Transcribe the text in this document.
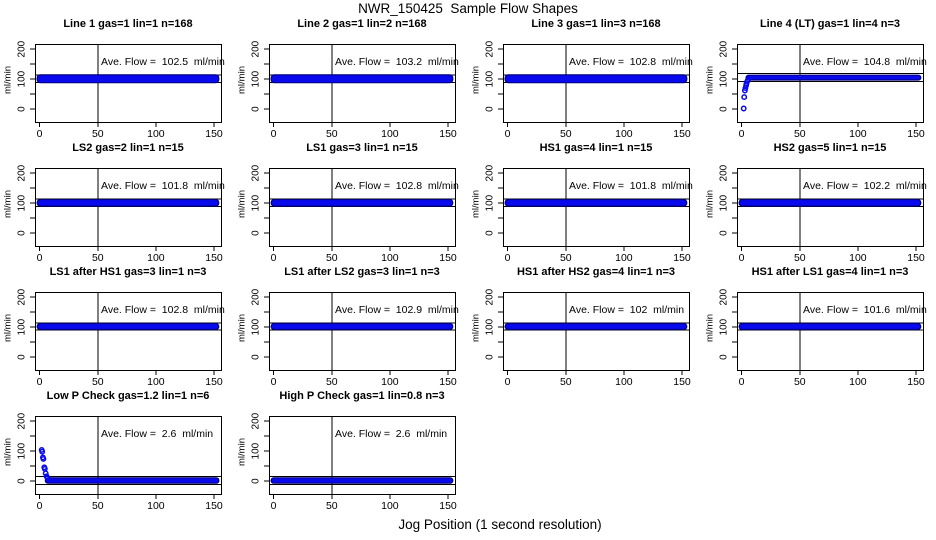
NWR_150425  Sample Flow Shapes
Line 1 gas=1 lin=1 n=168
0
100
200
ml/min
0	50	100	150
Ave. Flow =  102.5  ml/min
Line 2 gas=1 lin=2 n=168
0
100
200
ml/min
0	50	100	150
Ave. Flow =  103.2  ml/min
Line 3 gas=1 lin=3 n=168
0
100
200
ml/min
0	50	100	150
Ave. Flow =  102.8  ml/min
Line 4 (LT) gas=1 lin=4 n=3
0
100
200
ml/min
0	50	100	150
Ave. Flow =  104.8  ml/min
LS2 gas=2 lin=1 n=15
0
100
200
ml/min
0	50	100	150
Ave. Flow =  101.8  ml/min
LS1 gas=3 lin=1 n=15
0
100
200
ml/min
0	50	100	150
Ave. Flow =  102.8  ml/min
HS1 gas=4 lin=1 n=15
0
100
200
ml/min
0	50	100	150
Ave. Flow =  101.8  ml/min
HS2 gas=5 lin=1 n=15
0
100
200
ml/min
0	50	100	150
Ave. Flow =  102.2  ml/min
LS1 after HS1 gas=3 lin=1 n=3
0
100
200
ml/min
0	50	100	150
Ave. Flow =  102.8  ml/min
LS1 after LS2 gas=3 lin=1 n=3
0
100
200
ml/min
0	50	100	150
Ave. Flow =  102.9  ml/min
HS1 after HS2 gas=4 lin=1 n=3
0
100
200
ml/min
0	50	100	150
Ave. Flow =  102  ml/min
HS1 after LS1 gas=4 lin=1 n=3
0
100
200
ml/min
0	50	100	150
Ave. Flow =  101.6  ml/min
Low P Check gas=1.2 lin=1 n=6
0
100
200
ml/min
0	50	100	150
Ave. Flow =  2.6  ml/min
High P Check gas=1 lin=0.8 n=3
0
100
200
ml/min
0	50	100	150
Ave. Flow =  2.6  ml/min
Jog Position (1 second resolution)
